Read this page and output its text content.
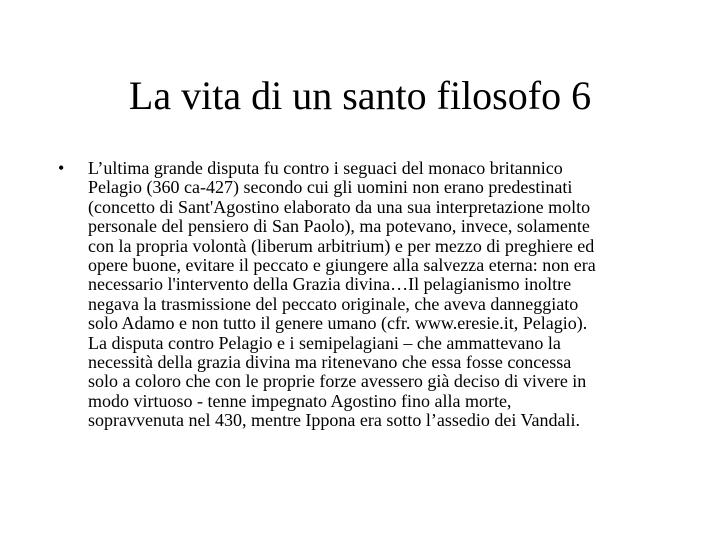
La vita di un santo filosofo 6
• L’ultima grande disputa fu contro i seguaci del monaco britannico
Pelagio (360 ca-427) secondo cui gli uomini non erano predestinati
(concetto di Sant'Agostino elaborato da una sua interpretazione molto
personale del pensiero di San Paolo), ma potevano, invece, solamente
con la propria volontà (liberum arbitrium) e per mezzo di preghiere ed
opere buone, evitare il peccato e giungere alla salvezza eterna: non era
necessario l'intervento della Grazia divina…Il pelagianismo inoltre
negava la trasmissione del peccato originale, che aveva danneggiato
solo Adamo e non tutto il genere umano (cfr. www.eresie.it, Pelagio).
La disputa contro Pelagio e i semipelagiani – che ammattevano la
necessità della grazia divina ma ritenevano che essa fosse concessa
solo a coloro che con le proprie forze avessero già deciso di vivere in
modo virtuoso - tenne impegnato Agostino fino alla morte,
sopravvenuta nel 430, mentre Ippona era sotto l’assedio dei Vandali.
